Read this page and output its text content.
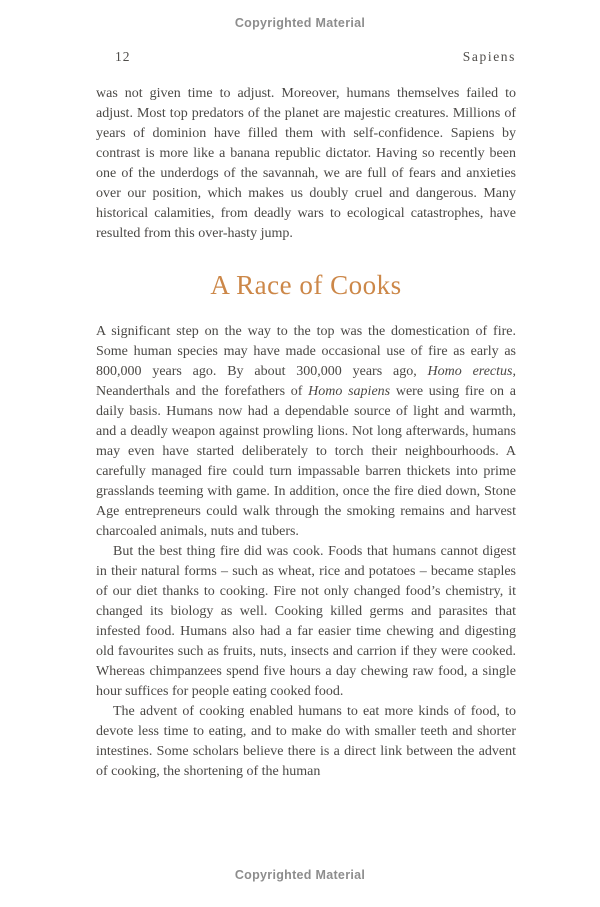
Copyrighted Material
12	Sapiens

was not given time to adjust. Moreover, humans themselves failed to adjust. Most top predators of the planet are majestic creatures. Millions of years of dominion have filled them with self-confidence. Sapiens by contrast is more like a banana republic dictator. Having so recently been one of the underdogs of the savannah, we are full of fears and anxieties over our position, which makes us doubly cruel and dangerous. Many historical calamities, from deadly wars to ecological catastrophes, have resulted from this over-hasty jump.

A Race of Cooks

A significant step on the way to the top was the domestication of fire. Some human species may have made occasional use of fire as early as 800,000 years ago. By about 300,000 years ago, Homo erectus, Neanderthals and the forefathers of Homo sapiens were using fire on a daily basis. Humans now had a dependable source of light and warmth, and a deadly weapon against prowling lions. Not long afterwards, humans may even have started deliberately to torch their neighbourhoods. A carefully managed fire could turn impassable barren thickets into prime grasslands teeming with game. In addition, once the fire died down, Stone Age entrepreneurs could walk through the smoking remains and harvest charcoaled animals, nuts and tubers.

But the best thing fire did was cook. Foods that humans cannot digest in their natural forms – such as wheat, rice and potatoes – became staples of our diet thanks to cooking. Fire not only changed food’s chemistry, it changed its biology as well. Cooking killed germs and parasites that infested food. Humans also had a far easier time chewing and digesting old favourites such as fruits, nuts, insects and carrion if they were cooked. Whereas chimpanzees spend five hours a day chewing raw food, a single hour suffices for people eating cooked food.

The advent of cooking enabled humans to eat more kinds of food, to devote less time to eating, and to make do with smaller teeth and shorter intestines. Some scholars believe there is a direct link between the advent of cooking, the shortening of the human

Copyrighted Material
